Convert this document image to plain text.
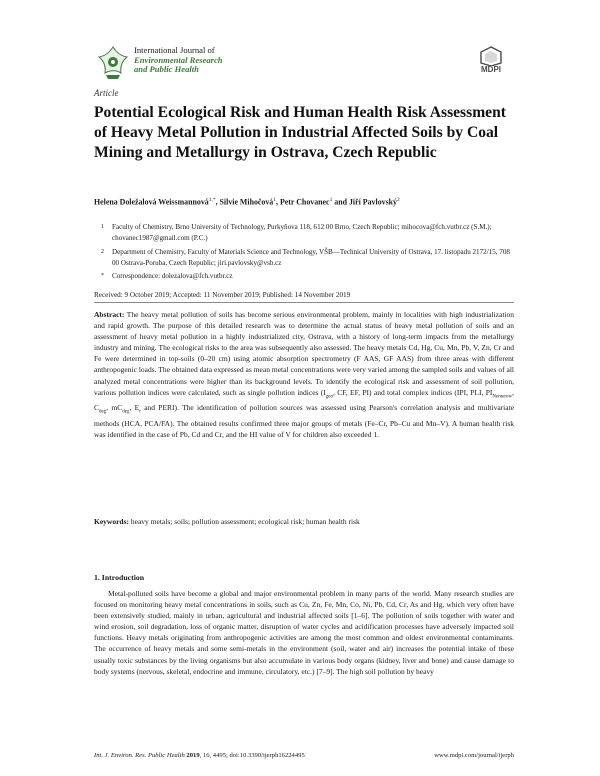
International Journal of
Environmental Research
and Public Health	MDPI
Article
Potential Ecological Risk and Human Health Risk Assessment of Heavy Metal Pollution in Industrial Affected Soils by Coal Mining and Metallurgy in Ostrava, Czech Republic
Helena Doležalová Weissmannová$^{1,*}$, Silvie Mihočová$^1$, Petr Chovanec$^1$ and Jiří Pavlovský$^2$
1 Faculty of Chemistry, Brno University of Technology, Purkyňova 118, 612 00 Brno, Czech Republic; mihocova@fch.vutbr.cz (S.M.); chovanec1987@gmail.com (P.C.)
2 Department of Chemistry, Faculty of Materials Science and Technology, VŠB—Technical University of Ostrava, 17. listopadu 2172/15, 708 00 Ostrava-Poruba, Czech Republic; jiri.pavlovsky@vsb.cz
* Correspondence: dolezalova@fch.vutbr.cz
Received: 9 October 2019; Accepted: 11 November 2019; Published: 14 November 2019
Abstract: The heavy metal pollution of soils has become serious environmental problem, mainly in localities with high industrialization and rapid growth. The purpose of this detailed research was to determine the actual status of heavy metal pollution of soils and an assessment of heavy metal pollution in a highly industrialized city, Ostrava, with a history of long-term impacts from the metallurgy industry and mining. The ecological risks to the area was subsequently also assessed. The heavy metals Cd, Hg, Cu, Mn, Pb, V, Zn, Cr and Fe were determined in top-soils (0–20 cm) using atomic absorption spectrometry (F AAS, GF AAS) from three areas with different anthropogenic loads. The obtained data expressed as mean metal concentrations were very varied among the sampled soils and values of all analyzed metal concentrations were higher than its background levels. To identify the ecological risk and assessment of soil pollution, various pollution indices were calculated, such as single pollution indices ($I_{geo}$, CF, EF, PI) and total complex indices (IPI, PLI, $PI_{Nemerow}$, $C_{deg}$, $mC_{deg}$, $E_r$ and PERI). The identification of pollution sources was assessed using Pearson's correlation analysis and multivariate methods (HCA, PCA/FA). The obtained results confirmed three major groups of metals (Fe–Cr, Pb–Cu and Mn–V). A human health risk was identified in the case of Pb, Cd and Cr, and the HI value of V for children also exceeded 1.
Keywords: heavy metals; soils; pollution assessment; ecological risk; human health risk
1. Introduction
Metal-polluted soils have become a global and major environmental problem in many parts of the world. Many research studies are focused on monitoring heavy metal concentrations in soils, such as Cu, Zn, Fe, Mn, Co, Ni, Pb, Cd, Cr, As and Hg, which very often have been extensively studied, mainly in urban, agricultural and industrial affected soils [1–6]. The pollution of soils together with water and wind erosion, soil degradation, loss of organic matter, disruption of water cycles and acidification processes have adversely impacted soil functions. Heavy metals originating from anthropogenic activities are among the most common and oldest environmental contaminants. The occurrence of heavy metals and some semi-metals in the environment (soil, water and air) increases the potential intake of these usually toxic substances by the living organisms but also accumulate in various body organs (kidney, liver and bone) and cause damage to body systems (nervous, skeletal, endocrine and immune, circulatory, etc.) [7–9]. The high soil pollution by heavy
Int. J. Environ. Res. Public Health 2019, 16, 4495; doi:10.3390/ijerph16224495	www.mdpi.com/journal/ijerph
